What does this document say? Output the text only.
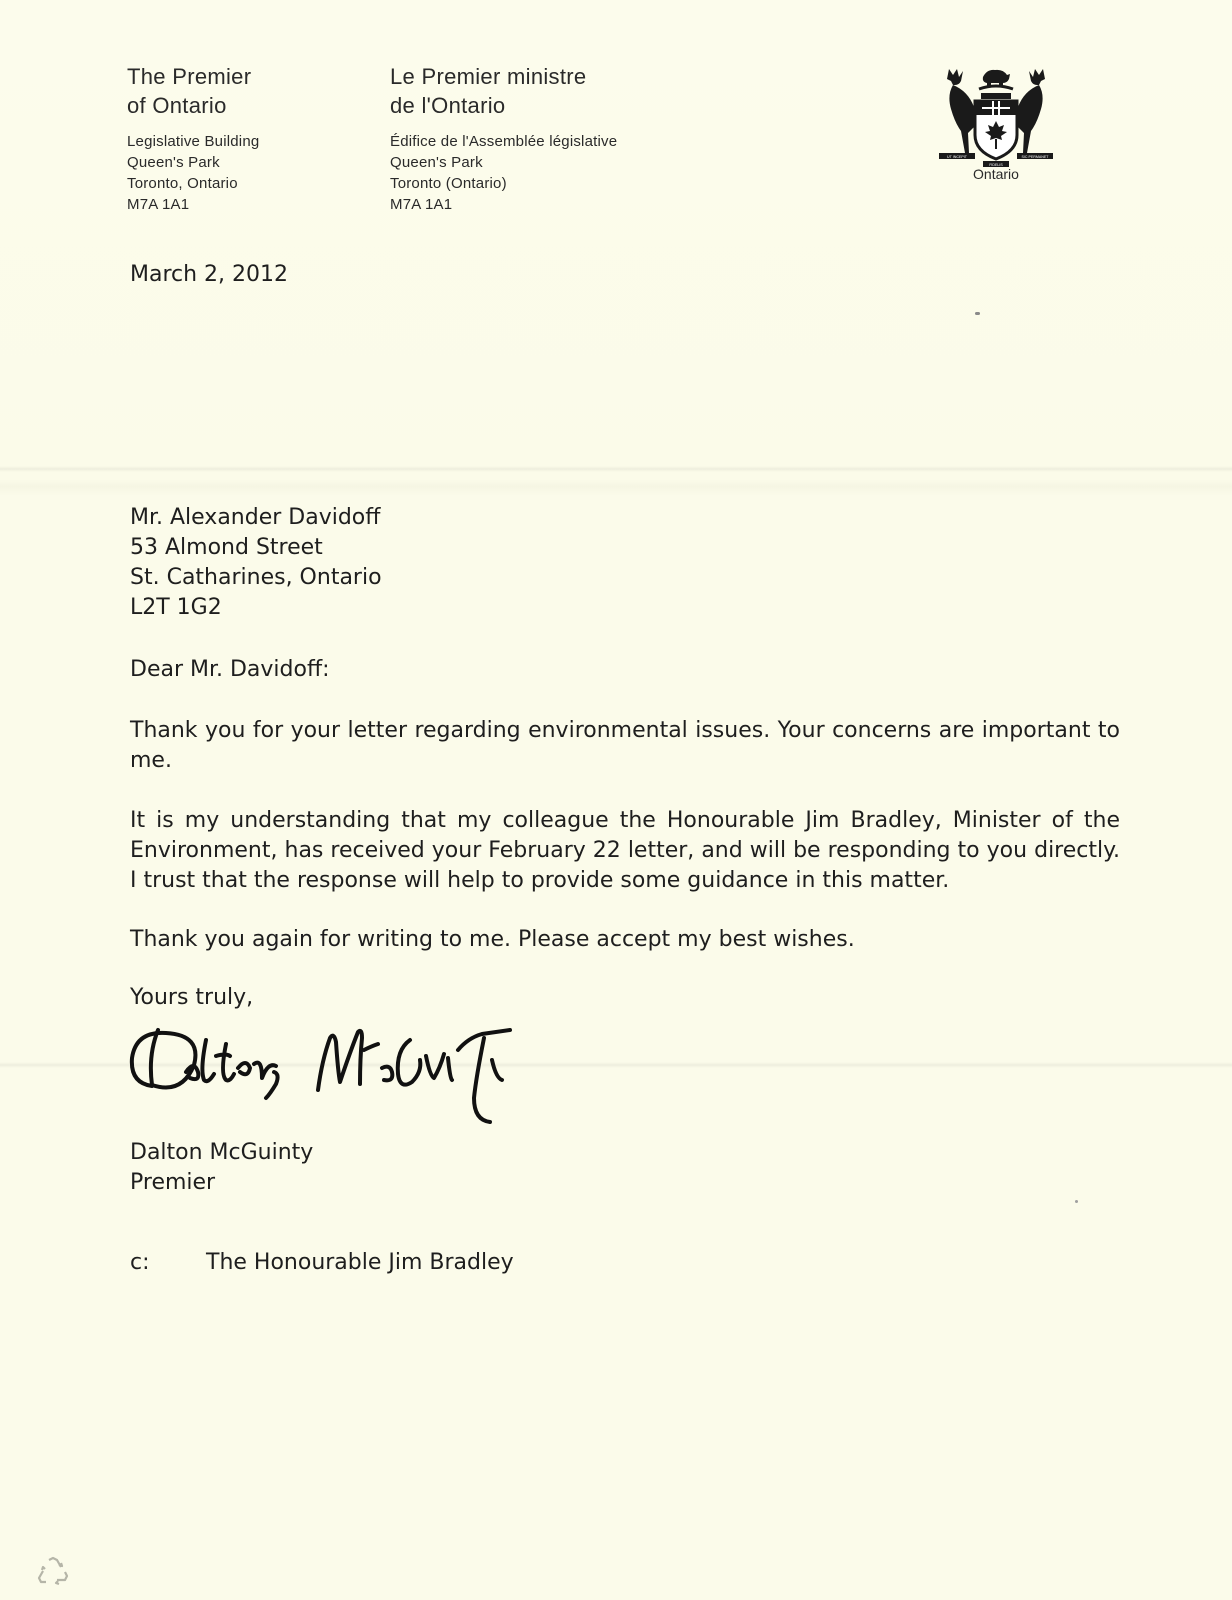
The Premier
of Ontario
Legislative Building
Queen's Park
Toronto, Ontario
M7A 1A1
Le Premier ministre
de l'Ontario
Édifice de l'Assemblée législative
Queen's Park
Toronto (Ontario)
M7A 1A1
UT INCEPIT	SIC PERMANET
FIDELIS
Ontario
March 2, 2012
Mr. Alexander Davidoff
53 Almond Street
St. Catharines, Ontario
L2T 1G2
Dear Mr. Davidoff:
Thank you for your letter regarding environmental issues. Your concerns are important to me.
It is my understanding that my colleague the Honourable Jim Bradley, Minister of the Environment, has received your February 22 letter, and will be responding to you directly. I trust that the response will help to provide some guidance in this matter.
Thank you again for writing to me. Please accept my best wishes.
Yours truly,
Dalton McGuinty
Premier
c:	The Honourable Jim Bradley
